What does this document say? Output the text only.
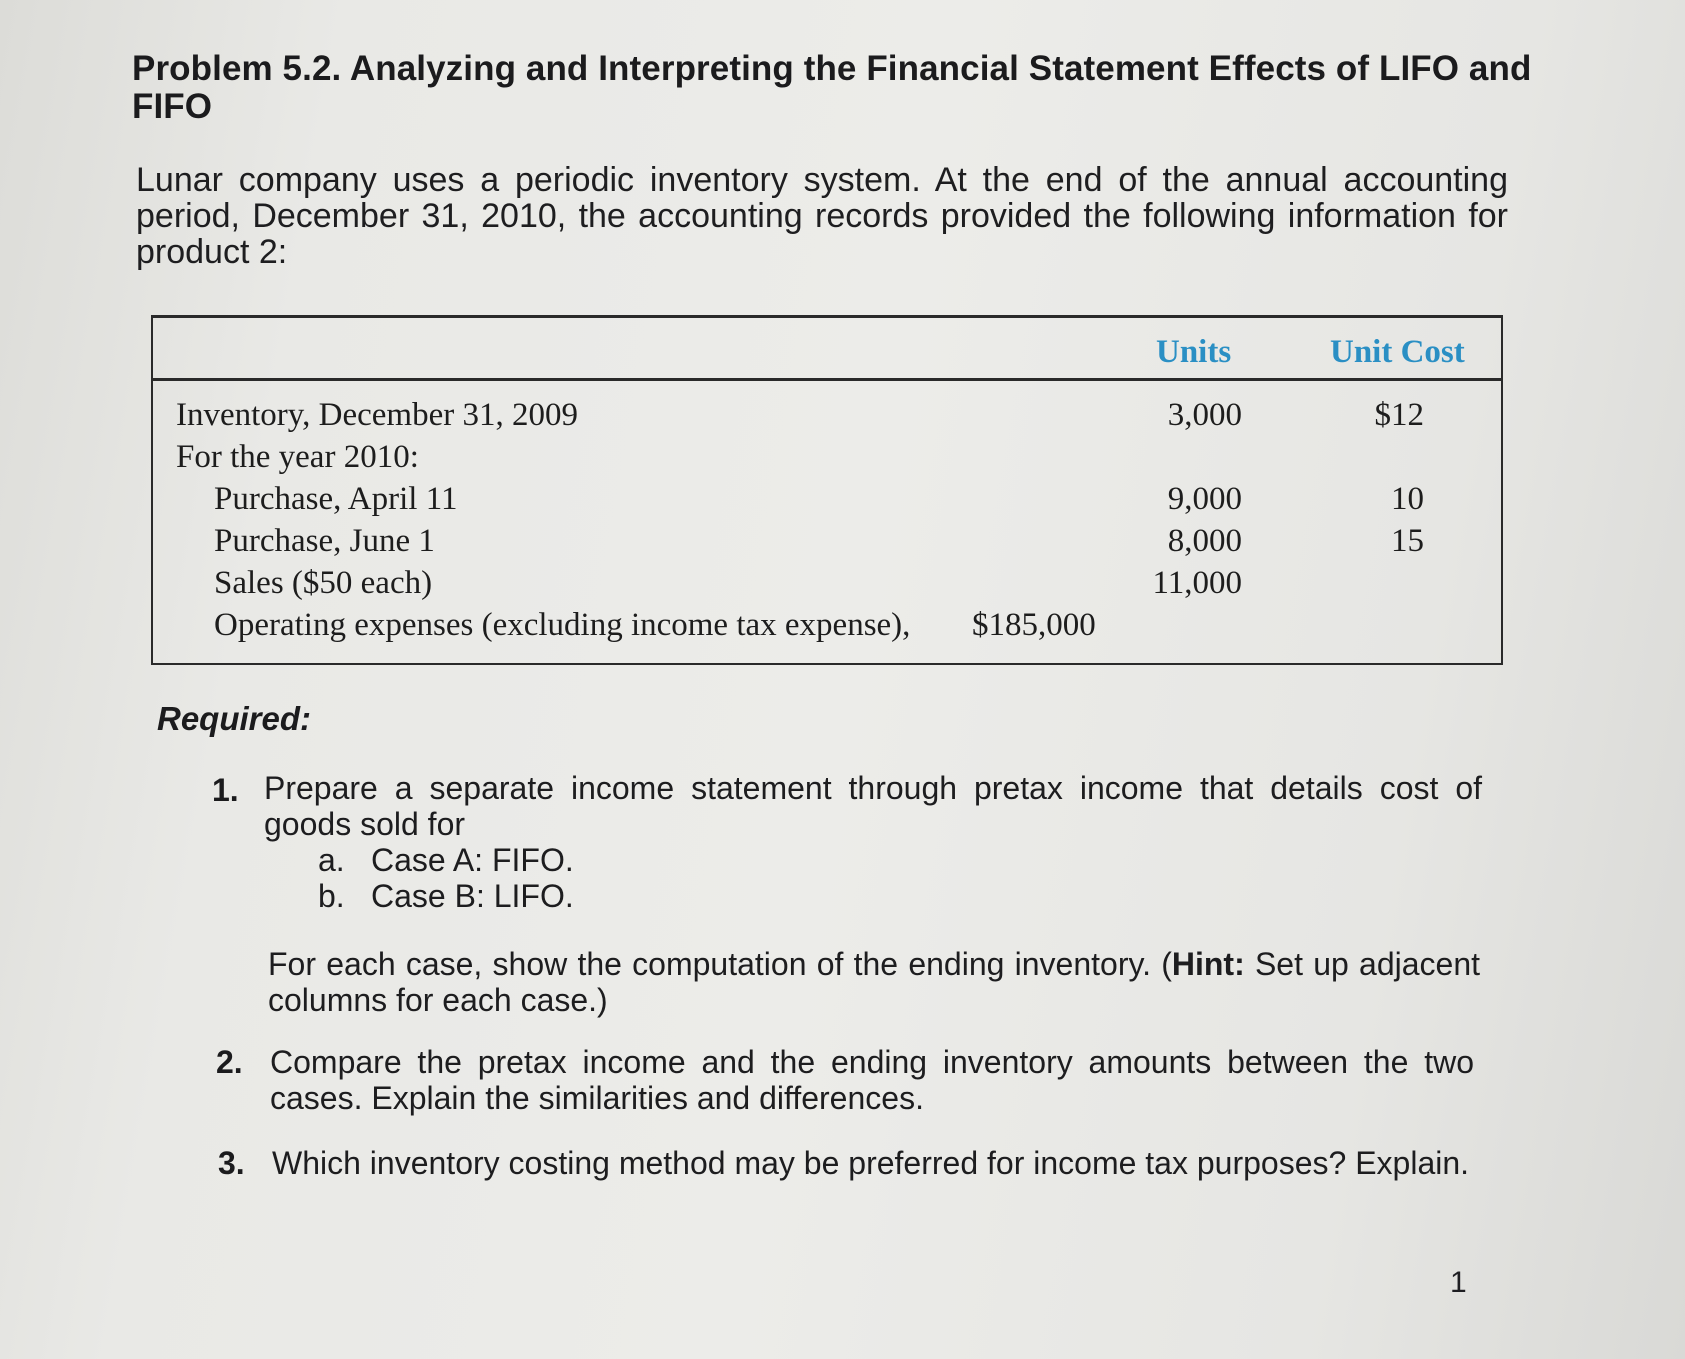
Problem 5.2. Analyzing and Interpreting the Financial Statement Effects of LIFO and FIFO
Lunar company uses a periodic inventory system. At the end of the annual accounting period, December 31, 2010, the accounting records provided the following information for product 2:
Units	Unit Cost
Inventory, December 31, 2009	3,000	$12
For the year 2010:
Purchase, April 11	9,000	10
Purchase, June 1	8,000	15
Sales ($50 each)	11,000
Operating expenses (excluding income tax expense), $185,000
Required:
1. Prepare a separate income statement through pretax income that details cost of goods sold for
a. Case A: FIFO.
b. Case B: LIFO.
For each case, show the computation of the ending inventory. (Hint: Set up adjacent columns for each case.)
2. Compare the pretax income and the ending inventory amounts between the two cases. Explain the similarities and differences.
3. Which inventory costing method may be preferred for income tax purposes? Explain.
1
